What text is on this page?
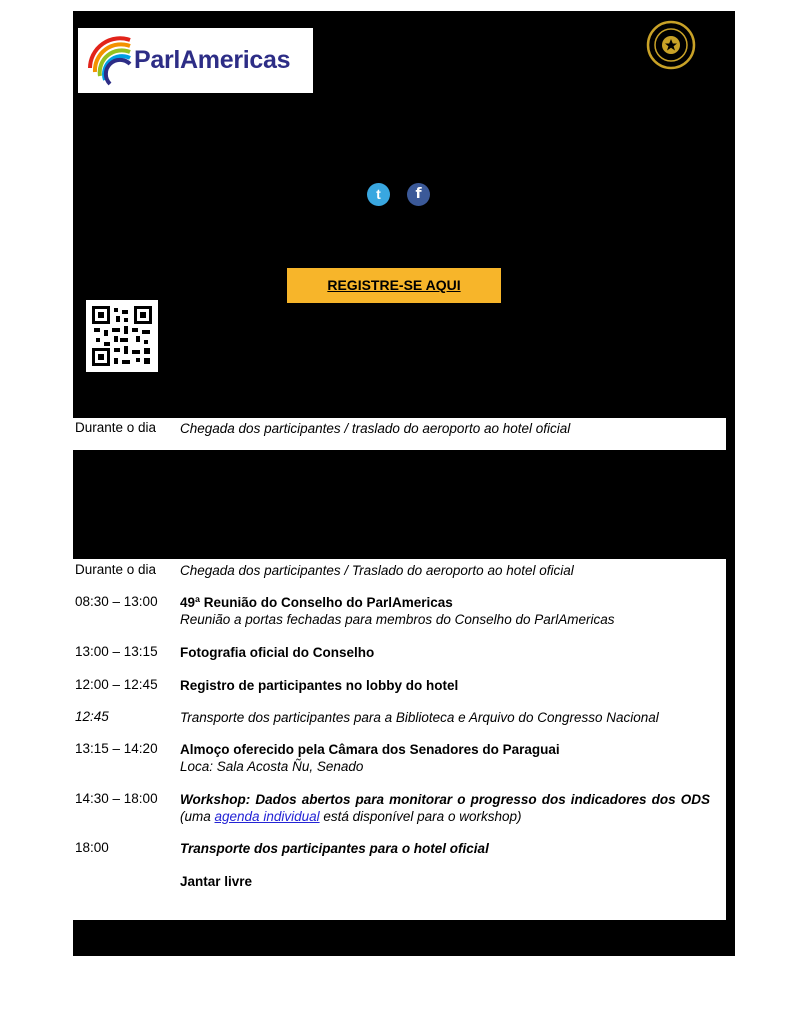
ParlAmericas
t	f
REGISTRE-SE AQUI
Durante o dia Chegada dos participantes / traslado do aeroporto ao hotel oficial
Durante o dia Chegada dos participantes / Traslado do aeroporto ao hotel oficial
08:30 – 13:00 49ª Reunião do Conselho do ParlAmericas
Reunião a portas fechadas para membros do Conselho do ParlAmericas
13:00 – 13:15 Fotografia oficial do Conselho
12:00 – 12:45 Registro de participantes no lobby do hotel
12:45	Transporte dos participantes para a Biblioteca e Arquivo do Congresso Nacional
13:15 – 14:20 Almoço oferecido pela Câmara dos Senadores do Paraguai
Loca: Sala Acosta Ñu, Senado
14:30 – 18:00 Workshop: Dados abertos para monitorar o progresso dos indicadores dos ODS (uma agenda individual está disponível para o workshop)
18:00	Transporte dos participantes para o hotel oficial
Jantar livre
